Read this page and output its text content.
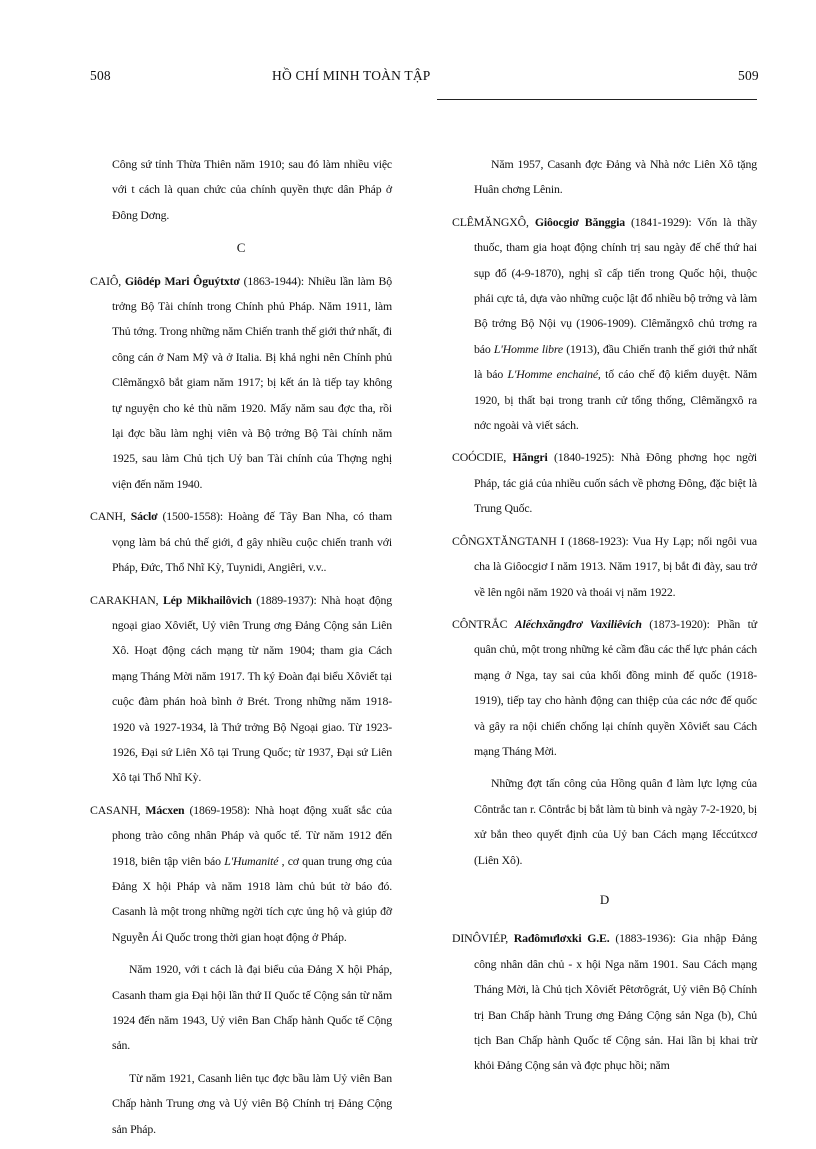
508	HỒ CHÍ MINH TOÀN TẬP	509

Công sứ tỉnh Thừa Thiên năm 1910; sau đó làm nhiều việc với t cách là quan chức của chính quyền thực dân Pháp ở Đông Dơng.

C

CAIÔ, Giôdép Mari Ôguýtxtơ (1863-1944): Nhiều lần làm Bộ trởng Bộ Tài chính trong Chính phủ Pháp. Năm 1911, làm Thủ tớng. Trong những năm Chiến tranh thế giới thứ nhất, đi công cán ở Nam Mỹ và ở Italia. Bị khả nghi nên Chính phủ Clêmăngxô bắt giam năm 1917; bị kết án là tiếp tay không tự nguyện cho kẻ thù năm 1920. Mấy năm sau đợc tha, rồi lại đợc bầu làm nghị viên và Bộ trởng Bộ Tài chính năm 1925, sau làm Chủ tịch Uỷ ban Tài chính của Thợng nghị viện đến năm 1940.

CANH, Sáclơ (1500-1558): Hoàng đế Tây Ban Nha, có tham vọng làm bá chủ thế giới, đ gây nhiều cuộc chiến tranh với Pháp, Đức, Thổ Nhĩ Kỳ, Tuynidi, Angiêri, v.v..

CARAKHAN, Lép Mikhailôvich (1889-1937): Nhà hoạt động ngoại giao Xôviết, Uỷ viên Trung ơng Đảng Cộng sản Liên Xô. Hoạt động cách mạng từ năm 1904; tham gia Cách mạng Tháng Mời năm 1917. Th ký Đoàn đại biểu Xôviết tại cuộc đàm phán hoà bình ở Brét. Trong những năm 1918-1920 và 1927-1934, là Thứ trởng Bộ Ngoại giao. Từ 1923-1926, Đại sứ Liên Xô tại Trung Quốc; từ 1937, Đại sứ Liên Xô tại Thổ Nhĩ Kỳ.

CASANH, Mácxen (1869-1958): Nhà hoạt động xuất sắc của phong trào công nhân Pháp và quốc tế. Từ năm 1912 đến 1918, biên tập viên báo L'Humanité , cơ quan trung ơng của Đảng X hội Pháp và năm 1918 làm chủ bút tờ báo đó. Casanh là một trong những ngời tích cực ủng hộ và giúp đỡ Nguyễn Ái Quốc trong thời gian hoạt động ở Pháp.

Năm 1920, với t cách là đại biểu của Đảng X hội Pháp, Casanh tham gia Đại hội lần thứ II Quốc tế Cộng sản từ năm 1924 đến năm 1943, Uỷ viên Ban Chấp hành Quốc tế Cộng sản.

Từ năm 1921, Casanh liên tục đợc bầu làm Uỷ viên Ban Chấp hành Trung ơng và Uỷ viên Bộ Chính trị Đảng Cộng sản Pháp.

Năm 1957, Casanh đợc Đảng và Nhà nớc Liên Xô tặng Huân chơng Lênin.

CLÊMĂNGXÔ, Giôocgiơ Bănggia (1841-1929): Vốn là thầy thuốc, tham gia hoạt động chính trị sau ngày đế chế thứ hai sụp đổ (4-9-1870), nghị sĩ cấp tiến trong Quốc hội, thuộc phái cực tả, dựa vào những cuộc lật đổ nhiều bộ trởng và làm Bộ trởng Bộ Nội vụ (1906-1909). Clêmăngxô chủ trơng ra báo L'Homme libre (1913), đầu Chiến tranh thế giới thứ nhất là báo L'Homme enchainé, tố cáo chế độ kiểm duyệt. Năm 1920, bị thất bại trong tranh cử tổng thống, Clêmăngxô ra nớc ngoài và viết sách.

COÓCDIE, Hăngri (1840-1925): Nhà Đông phơng học ngời Pháp, tác giả của nhiều cuốn sách về phơng Đông, đặc biệt là Trung Quốc.

CÔNGXTĂNGTANH I (1868-1923): Vua Hy Lạp; nối ngôi vua cha là Giôocgiơ I năm 1913. Năm 1917, bị bắt đi đày, sau trở về lên ngôi năm 1920 và thoái vị năm 1922.

CÔNTRẮC Alếchxăngđrơ Vaxiliêvích (1873-1920): Phần tử quân chủ, một trong những kẻ cầm đầu các thế lực phản cách mạng ở Nga, tay sai của khối đồng minh đế quốc (1918-1919), tiếp tay cho hành động can thiệp của các nớc đế quốc và gây ra nội chiến chống lại chính quyền Xôviết sau Cách mạng Tháng Mời.

Những đợt tấn công của Hồng quân đ làm lực lợng của Côntrắc tan r. Côntrắc bị bắt làm tù binh và ngày 7-2-1920, bị xử bắn theo quyết định của Uỷ ban Cách mạng Iếccútxcơ (Liên Xô).

D

DINÔVIÉP, Rađômưlơxki G.E. (1883-1936): Gia nhập Đảng công nhân dân chủ - x hội Nga năm 1901. Sau Cách mạng Tháng Mời, là Chủ tịch Xôviết Pêtơrôgrát, Uỷ viên Bộ Chính trị Ban Chấp hành Trung ơng Đảng Cộng sản Nga (b), Chủ tịch Ban Chấp hành Quốc tế Cộng sản. Hai lần bị khai trừ khỏi Đảng Cộng sản và đợc phục hồi; năm
